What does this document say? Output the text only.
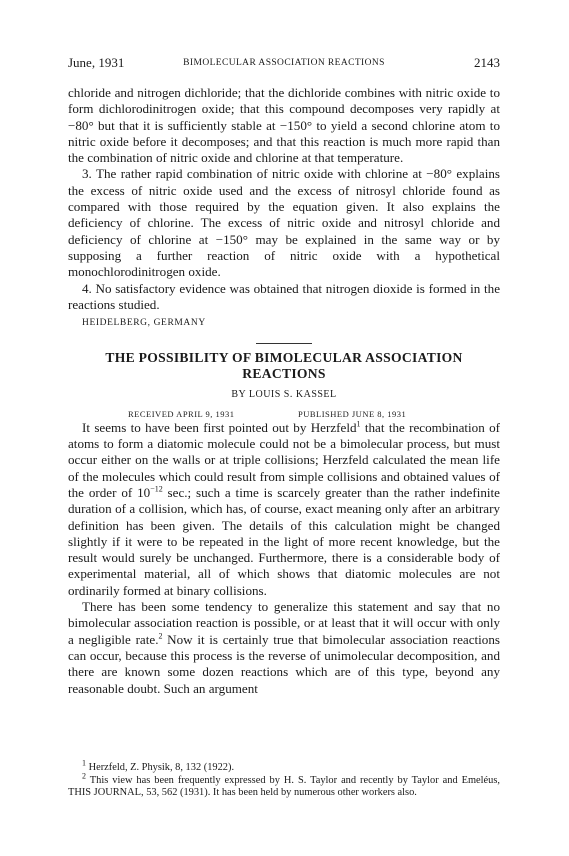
June, 1931	BIMOLECULAR ASSOCIATION REACTIONS	2143

chloride and nitrogen dichloride; that the dichloride combines with nitric oxide to form dichlorodinitrogen oxide; that this compound decomposes very rapidly at −80° but that it is sufficiently stable at −150° to yield a second chlorine atom to nitric oxide before it decomposes; and that this reaction is much more rapid than the combination of nitric oxide and chlorine at that temperature.

3. The rather rapid combination of nitric oxide with chlorine at −80° explains the excess of nitric oxide used and the excess of nitrosyl chloride found as compared with those required by the equation given. It also explains the deficiency of chlorine. The excess of nitric oxide and nitrosyl chloride and deficiency of chlorine at −150° may be explained in the same way or by supposing a further reaction of nitric oxide with a hypothetical monochlorodinitrogen oxide.

4. No satisfactory evidence was obtained that nitrogen dioxide is formed in the reactions studied.

HEIDELBERG, GERMANY
THE POSSIBILITY OF BIMOLECULAR ASSOCIATION REACTIONS
BY LOUIS S. KASSEL
RECEIVED APRIL 9, 1931	PUBLISHED JUNE 8, 1931

It seems to have been first pointed out by Herzfeld$^1$ that the recombination of atoms to form a diatomic molecule could not be a bimolecular process, but must occur either on the walls or at triple collisions; Herzfeld calculated the mean life of the molecules which could result from simple collisions and obtained values of the order of $10^{-12}$ sec.; such a time is scarcely greater than the rather indefinite duration of a collision, which has, of course, exact meaning only after an arbitrary definition has been given. The details of this calculation might be changed slightly if it were to be repeated in the light of more recent knowledge, but the result would surely be unchanged. Furthermore, there is a considerable body of experimental material, all of which shows that diatomic molecules are not ordinarily formed at binary collisions.

There has been some tendency to generalize this statement and say that no bimolecular association reaction is possible, or at least that it will occur with only a negligible rate.$^2$ Now it is certainly true that bimolecular association reactions can occur, because this process is the reverse of unimolecular decomposition, and there are known some dozen reactions which are of this type, beyond any reasonable doubt. Such an argument

$^1$ Herzfeld, Z. Physik, 8, 132 (1922).

$^2$ This view has been frequently expressed by H. S. Taylor and recently by Taylor and Emeléus, THIS JOURNAL, 53, 562 (1931). It has been held by numerous other workers also.
